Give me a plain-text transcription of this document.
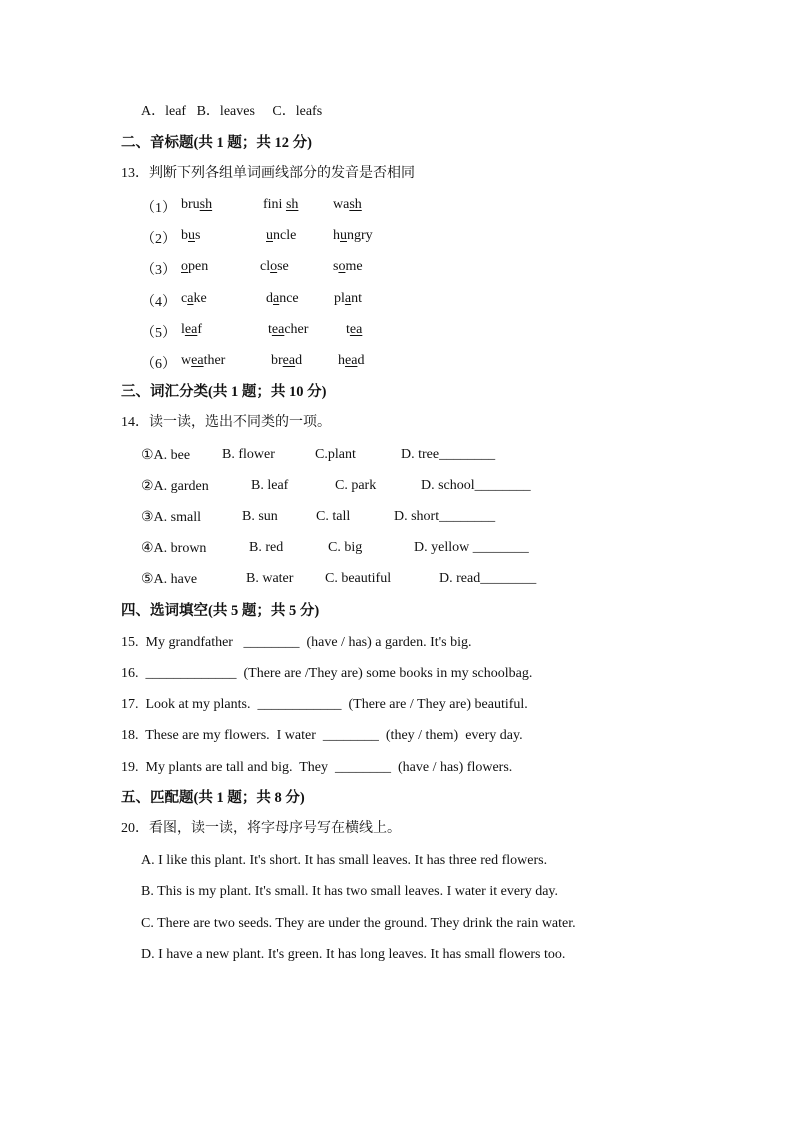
A．leaf   B．leaves     C．leafs
二、音标题(共 1 题；共 12 分)
13．判断下列各组单词画线部分的发音是否相同
（1） brush	fini sh wash
（2） bus	uncle	hungry
（3） open	close	some
（4） cake	dance	plant
（5） leaf	teacher	tea
（6） weather	bread	head
三、词汇分类(共 1 题；共 10 分)
14．读一读，选出不同类的一项。
①A. bee B. flower	C.plant	D. tree________
②A. garden	B. leaf	C. park	D. school________
③A. small	B. sun	C. tall	D. short________
④A. brown	B. red	C. big	D. yellow ________
⑤A. have	B. water C. beautiful	D. read________
四、选词填空(共 5 题；共 5 分)
15.  My grandfather   ________  (have / has) a garden. It's big.
16.  _____________  (There are /They are) some books in my schoolbag.
17.  Look at my plants.  ____________  (There are / They are) beautiful.
18.  These are my flowers.  I water  ________  (they / them)  every day.
19.  My plants are tall and big.  They  ________  (have / has) flowers.
五、匹配题(共 1 题；共 8 分)
20．看图，读一读，将字母序号写在横线上。
A. I like this plant. It's short. It has small leaves. It has three red flowers.
B. This is my plant. It's small. It has two small leaves. I water it every day.
C. There are two seeds. They are under the ground. They drink the rain water.
D. I have a new plant. It's green. It has long leaves. It has small flowers too.
